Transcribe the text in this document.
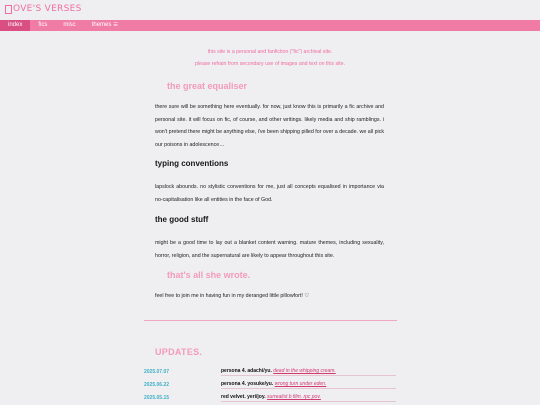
OVE'S VERSES
index	fics	misc	themes ☰

this site is a personal and fanfiction ("fic") archival site.

please refrain from secondary use of images and text on this site.

the great equaliser

there sure will be something here eventually. for now, just know this is primarily a fic archive and personal site. it will focus on fic, of course, and other writings. likely media and ship ramblings. i won't pretend there might be anything else, i've been shipping pilled for over a decade. we all pick our poisons in adolescence…

typing conventions

lapslock abounds. no stylistic conventions for me, just all concepts equalised in importance via no-capitalisation like all entities in the face of God.

the good stuff

might be a good time to lay out a blanket content warning. mature themes, including sexuality, horror, religion, and the supernatural are likely to appear throughout this site.

that's all she wrote.

feel free to join me in having fun in my deranged little pillowfort! ♡

UPDATES.
2025.07.07	persona 4. adachi/yu. dead in the whipping cream.
2025.06.22	persona 4. yosuke/yu. wrong turn under eden.
2025.05.15	red velvet. yeri/joy. surrealist b film. rpc pov.
